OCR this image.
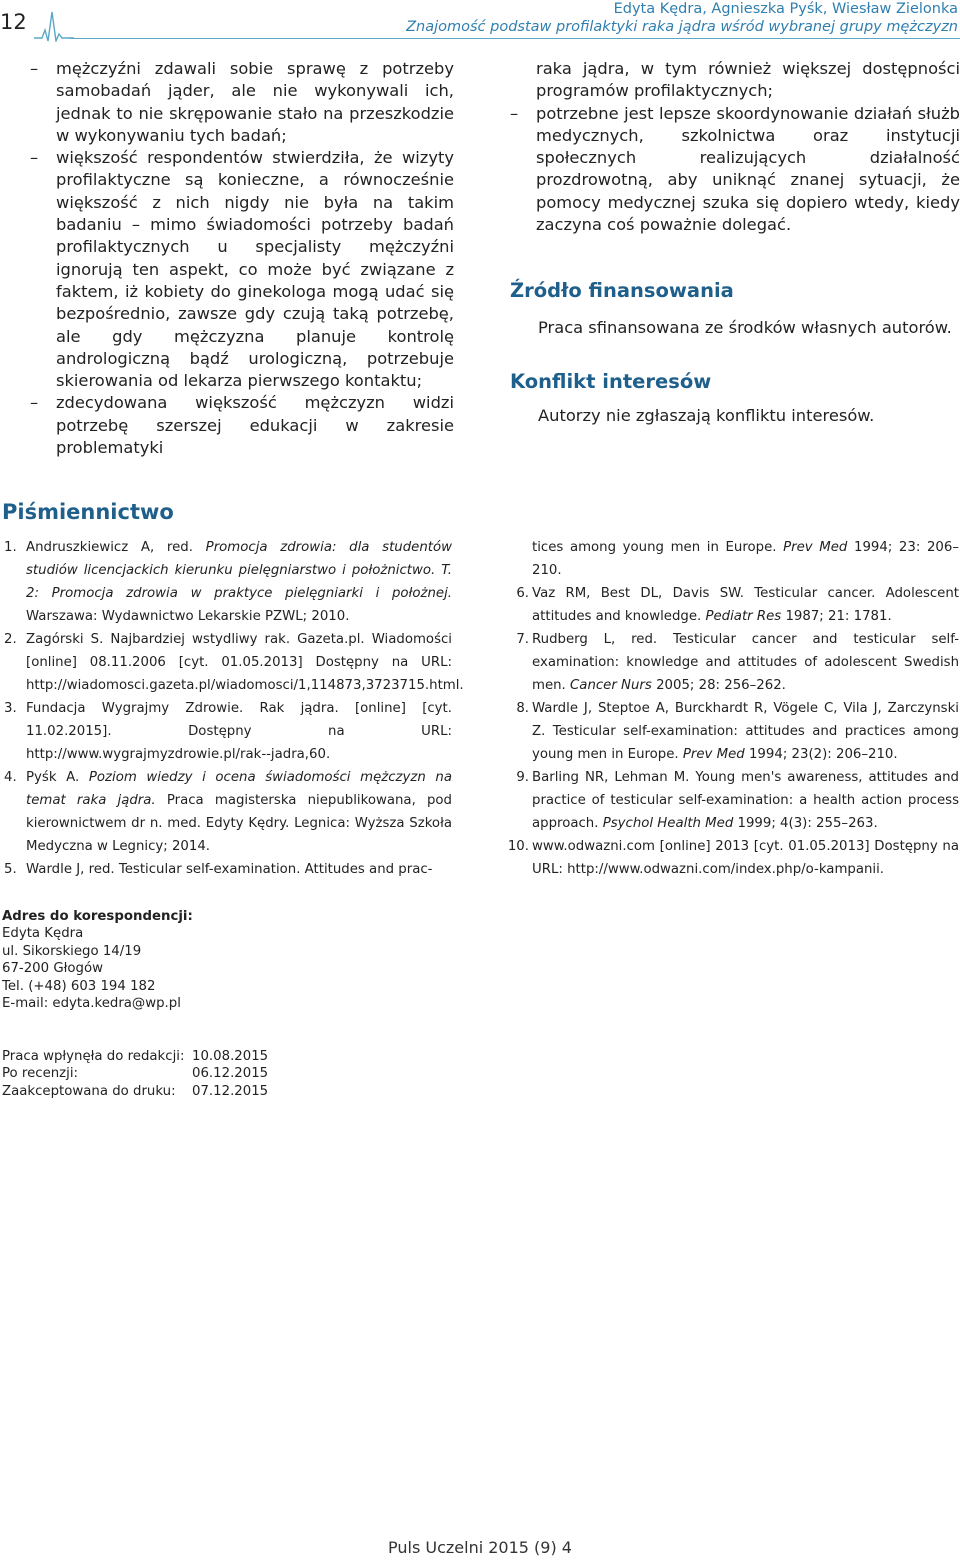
12
Edyta Kędra, Agnieszka Pyśk, Wiesław Zielonka
Znajomość podstaw profilaktyki raka jądra wśród wybranej grupy mężczyzn
– mężczyźni zdawali sobie sprawę z potrzeby samobadań jąder, ale nie wykonywali ich, jednak to nie skrępowanie stało na przeszkodzie w wykonywaniu tych badań;
– większość respondentów stwierdziła, że wizyty profilaktyczne są konieczne, a równocześnie większość z nich nigdy nie była na takim badaniu – mimo świadomości potrzeby badań profilaktycznych u specjalisty mężczyźni ignorują ten aspekt, co może być związane z faktem, iż kobiety do ginekologa mogą udać się bezpośrednio, zawsze gdy czują taką potrzebę, ale gdy mężczyzna planuje kontrolę andrologiczną bądź urologiczną, potrzebuje skierowania od lekarza pierwszego kontaktu;
– zdecydowana większość mężczyzn widzi potrzebę szerszej edukacji w zakresie problematyki

raka jądra, w tym również większej dostępności programów profilaktycznych;

– potrzebne jest lepsze skoordynowanie działań służb medycznych, szkolnictwa oraz instytucji społecznych realizujących działalność prozdrowotną, aby uniknąć znanej sytuacji, że pomocy medycznej szuka się dopiero wtedy, kiedy zaczyna coś poważnie dolegać.
Źródło finansowania

Praca sfinansowana ze środków własnych autorów.

Konflikt interesów

Autorzy nie zgłaszają konfliktu interesów.

Piśmiennictwo
1. Andruszkiewicz A, red. Promocja zdrowia: dla studentów studiów licencjackich kierunku pielęgniarstwo i położnictwo. T. 2: Promocja zdrowia w praktyce pielęgniarki i położnej. Warszawa: Wydawnictwo Lekarskie PZWL; 2010.
2. Zagórski S. Najbardziej wstydliwy rak. Gazeta.pl. Wiadomości [online] 08.11.2006 [cyt. 01.05.2013] Dostępny na URL: http://wiadomosci.gazeta.pl/wiadomosci/1,114873,3723715.html.
3. Fundacja Wygrajmy Zdrowie. Rak jądra. [online] [cyt. 11.02.2015]. Dostępny na URL: http://www.wygrajmyzdrowie.pl/rak--jadra,60.
4. Pyśk A. Poziom wiedzy i ocena świadomości mężczyzn na temat raka jądra. Praca magisterska niepublikowana, pod kierownictwem dr n. med. Edyty Kędry. Legnica: Wyższa Szkoła Medyczna w Legnicy; 2014.
5. Wardle J, red. Testicular self-examination. Attitudes and prac-
tices among young men in Europe. Prev Med 1994; 23: 206–210.
6. Vaz RM, Best DL, Davis SW. Testicular cancer. Adolescent attitudes and knowledge. Pediatr Res 1987; 21: 1781.
7. Rudberg L, red. Testicular cancer and testicular self-examination: knowledge and attitudes of adolescent Swedish men. Cancer Nurs 2005; 28: 256–262.
8. Wardle J, Steptoe A, Burckhardt R, Vögele C, Vila J, Zarczynski Z. Testicular self-examination: attitudes and practices among young men in Europe. Prev Med 1994; 23(2): 206–210.
9. Barling NR, Lehman M. Young men's awareness, attitudes and practice of testicular self-examination: a health action process approach. Psychol Health Med 1999; 4(3): 255–263.
10. www.odwazni.com [online] 2013 [cyt. 01.05.2013] Dostępny na URL: http://www.odwazni.com/index.php/o-kampanii.
Adres do korespondencji:
Edyta Kędra
ul. Sikorskiego 14/19
67-200 Głogów
Tel. (+48) 603 194 182
E-mail: edyta.kedra@wp.pl
Praca wpłynęła do redakcji: 10.08.2015
Po recenzji:	06.12.2015
Zaakceptowana do druku:	07.12.2015
Puls Uczelni 2015 (9) 4
